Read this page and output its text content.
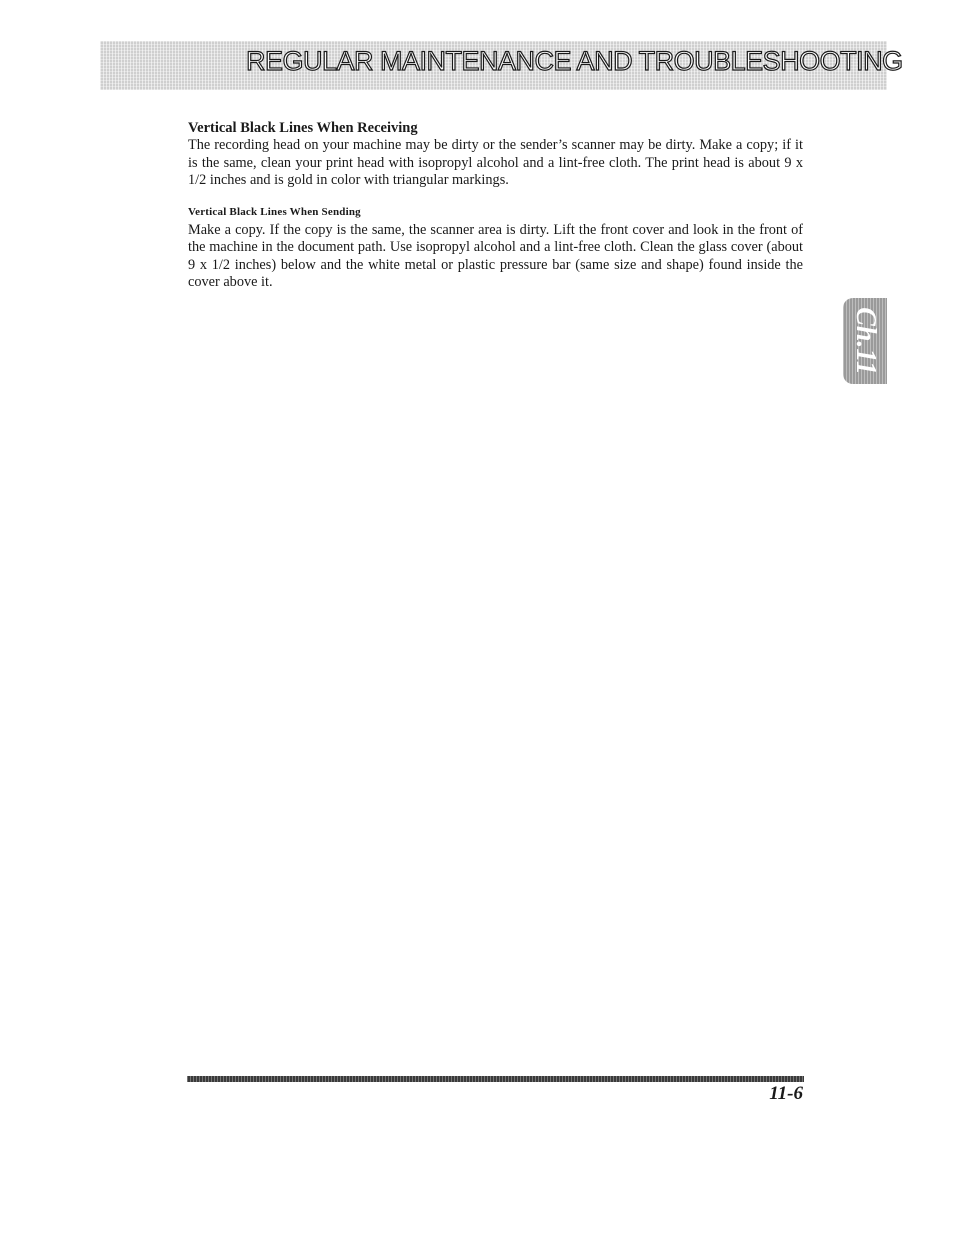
REGULAR MAINTENANCE AND TROUBLESHOOTING
Vertical Black Lines When Receiving

The recording head on your machine may be dirty or the sender’s scanner may be dirty. Make a copy; if it is the same, clean your print head with isopropyl alcohol and a lint-free cloth. The print head is about 9 x 1/2 inches and is gold in color with triangular markings.

Vertical Black Lines When Sending

Make a copy. If the copy is the same, the scanner area is dirty. Lift the front cover and look in the front of the machine in the document path. Use isopropyl alcohol and a lint-free cloth. Clean the glass cover (about 9 x 1/2 inches) below and the white metal or plastic pressure bar (same size and shape) found inside the cover above it.

Ch.11
11-6
